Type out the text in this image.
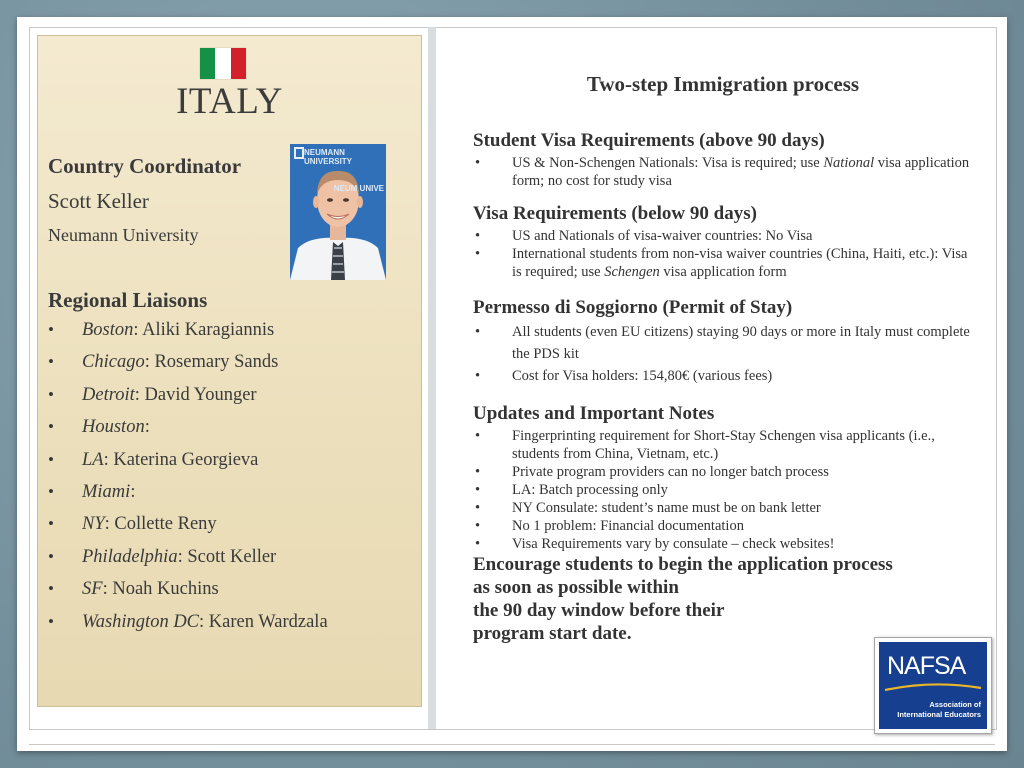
ITALY
Country Coordinator
Scott Keller
Neumann University
NEUMANN UNIVERSITY
NEUM UNIVE
Regional Liaisons
• Boston: Aliki Karagiannis
• Chicago: Rosemary Sands
• Detroit: David Younger
• Houston:
• LA: Katerina Georgieva
• Miami:
• NY: Collette Reny
• Philadelphia: Scott Keller
• SF: Noah Kuchins
• Washington DC: Karen Wardzala
Two-step Immigration process
Student Visa Requirements (above 90 days)
• US & Non-Schengen Nationals: Visa is required; use National visa application form; no cost for study visa
Visa Requirements (below 90 days)
• US and Nationals of visa-waiver countries: No Visa
• International students from non-visa waiver countries (China, Haiti, etc.): Visa is required; use Schengen visa application form
Permesso di Soggiorno (Permit of Stay)
• All students (even EU citizens) staying 90 days or more in Italy must complete the PDS kit
• Cost for Visa holders: 154,80€ (various fees)
Updates and Important Notes
• Fingerprinting requirement for Short-Stay Schengen visa applicants (i.e., students from China, Vietnam, etc.)
• Private program providers can no longer batch process
• LA: Batch processing only
• NY Consulate: student’s name must be on bank letter
• No 1 problem: Financial documentation
• Visa Requirements vary by consulate – check websites!
Encourage students to begin the application process
as soon as possible within
the 90 day window before their
program start date.
NAFSA
Association of
International Educators
